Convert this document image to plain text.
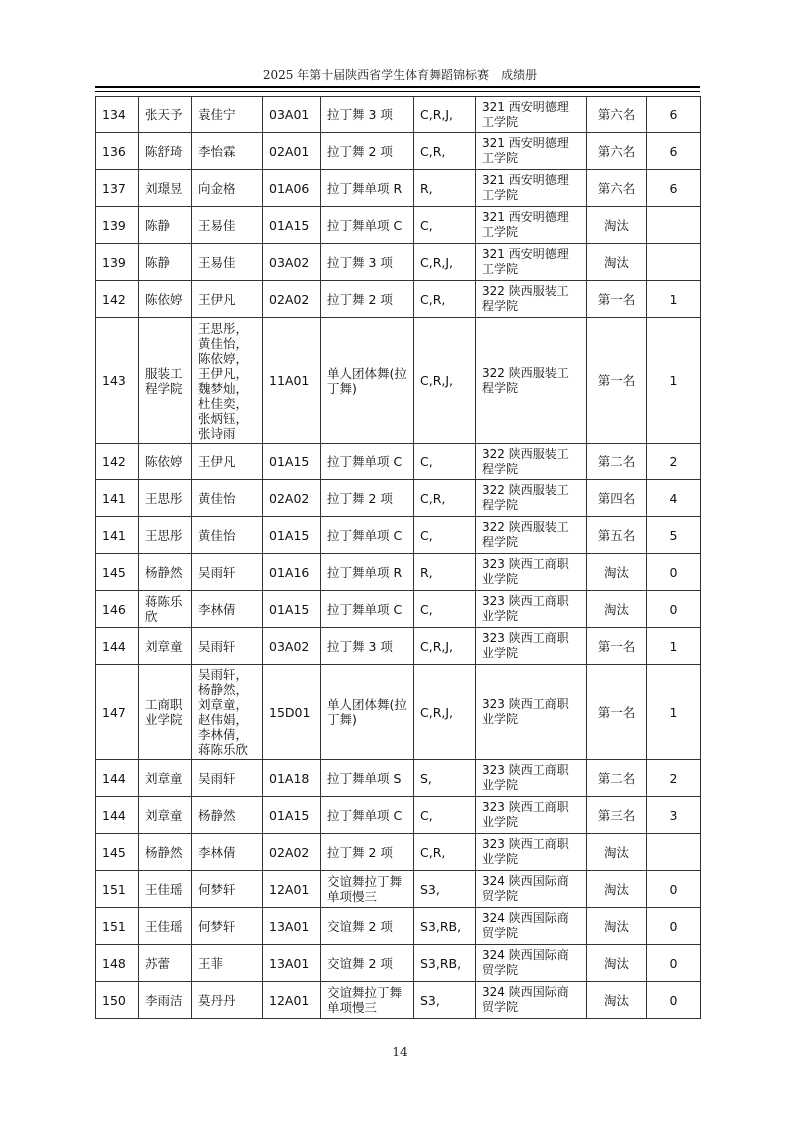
2025 年第十届陕西省学生体育舞蹈锦标赛　成绩册
134	张天予	袁佳宁	03A01	拉丁舞 3 项	C,R,J,	321 西安明德理工学院	第六名	6
136	陈舒琦	李怡霖	02A01	拉丁舞 2 项	C,R,	321 西安明德理工学院	第六名	6
137	刘璟昱	向金格	01A06	拉丁舞单项 R	R,	321 西安明德理工学院	第六名	6
139	陈静	王易佳	01A15	拉丁舞单项 C	C,	321 西安明德理工学院	淘汰	
139	陈静	王易佳	03A02	拉丁舞 3 项	C,R,J,	321 西安明德理工学院	淘汰	
142	陈依婷	王伊凡	02A02	拉丁舞 2 项	C,R,	322 陕西服装工程学院	第一名	1
143	服装工程学院	王思彤，黄佳怡，陈依婷，王伊凡，魏梦灿，杜佳奕，张炳钰，张诗雨	11A01	单人团体舞(拉丁舞)	C,R,J,	322 陕西服装工程学院	第一名	1
142	陈依婷	王伊凡	01A15	拉丁舞单项 C	C,	322 陕西服装工程学院	第二名	2
141	王思彤	黄佳怡	02A02	拉丁舞 2 项	C,R,	322 陕西服装工程学院	第四名	4
141	王思彤	黄佳怡	01A15	拉丁舞单项 C	C,	322 陕西服装工程学院	第五名	5
145	杨静然	吴雨轩	01A16	拉丁舞单项 R	R,	323 陕西工商职业学院	淘汰	0
146	蒋陈乐欣	李林倩	01A15	拉丁舞单项 C	C,	323 陕西工商职业学院	淘汰	0
144	刘章童	吴雨轩	03A02	拉丁舞 3 项	C,R,J,	323 陕西工商职业学院	第一名	1
147	工商职业学院	吴雨轩，杨静然，刘章童，赵伟娟，李林倩，蒋陈乐欣	15D01	单人团体舞(拉丁舞)	C,R,J,	323 陕西工商职业学院	第一名	1
144	刘章童	吴雨轩	01A18	拉丁舞单项 S	S,	323 陕西工商职业学院	第二名	2
144	刘章童	杨静然	01A15	拉丁舞单项 C	C,	323 陕西工商职业学院	第三名	3
145	杨静然	李林倩	02A02	拉丁舞 2 项	C,R,	323 陕西工商职业学院	淘汰	
151	王佳瑶	何梦轩	12A01	交谊舞拉丁舞单项慢三	S3,	324 陕西国际商贸学院	淘汰	0
151	王佳瑶	何梦轩	13A01	交谊舞 2 项	S3,RB,	324 陕西国际商贸学院	淘汰	0
148	苏蕾	王菲	13A01	交谊舞 2 项	S3,RB,	324 陕西国际商贸学院	淘汰	0
150	李雨洁	莫丹丹	12A01	交谊舞拉丁舞单项慢三	S3,	324 陕西国际商贸学院	淘汰	0
14
